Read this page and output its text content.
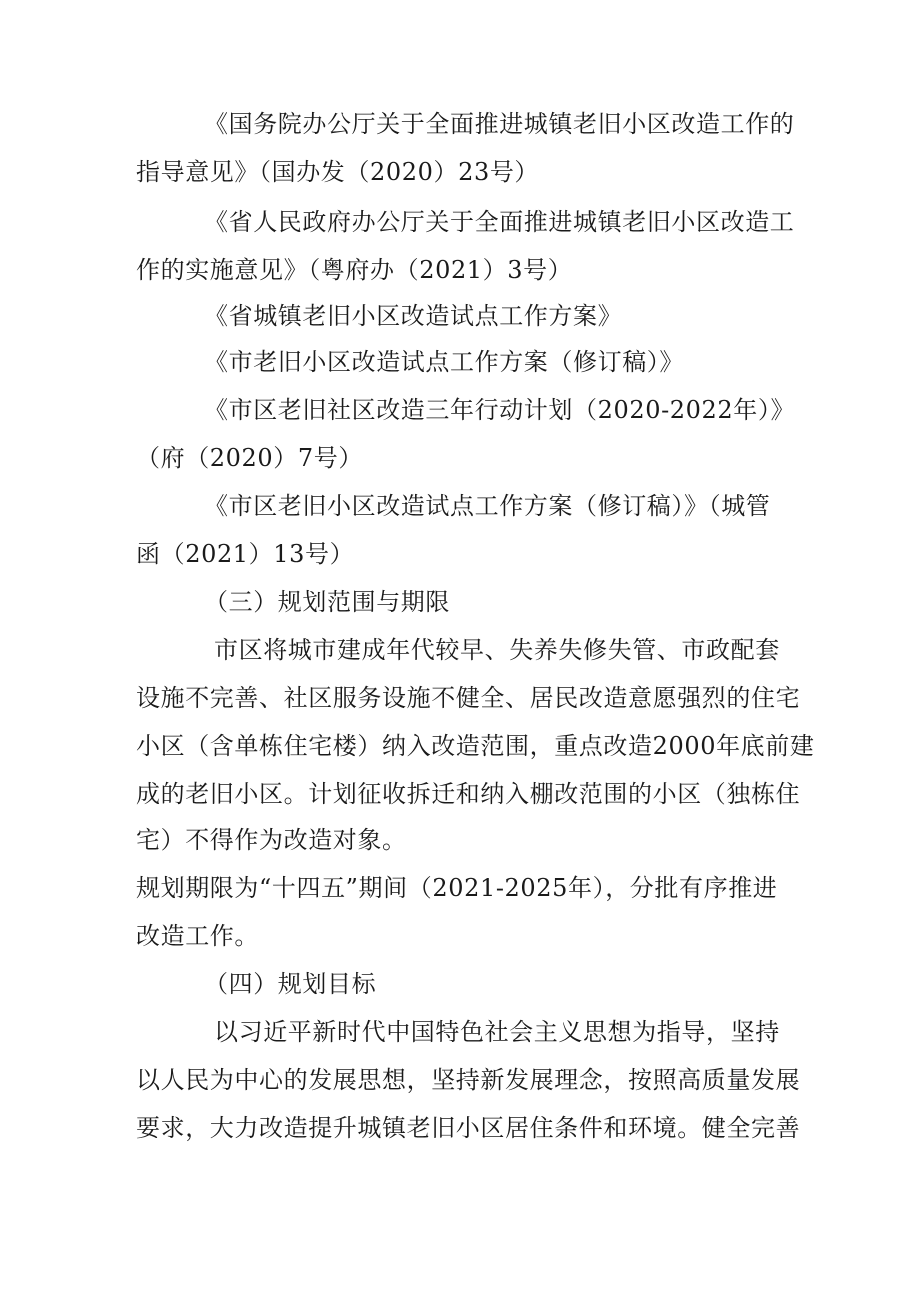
《国务院办公厅关于全面推进城镇老旧小区改造工作的
指导意见》（国办发（2020）23号）
《省人民政府办公厅关于全面推进城镇老旧小区改造工
作的实施意见》（粤府办（2021）3号）
《省城镇老旧小区改造试点工作方案》
《市老旧小区改造试点工作方案（修订稿）》
《市区老旧社区改造三年行动计划（2020-2022年）》
（府（2020）7号）
《市区老旧小区改造试点工作方案（修订稿）》（城管
函（2021）13号）
（三）规划范围与期限
市区将城市建成年代较早、失养失修失管、市政配套
设施不完善、社区服务设施不健全、居民改造意愿强烈的住宅
小区（含单栋住宅楼）纳入改造范围，重点改造2000年底前建
成的老旧小区。计划征收拆迁和纳入棚改范围的小区（独栋住
宅）不得作为改造对象。
规划期限为“十四五”期间（2021-2025年），分批有序推进
改造工作。
（四）规划目标
以习近平新时代中国特色社会主义思想为指导，坚持
以人民为中心的发展思想，坚持新发展理念，按照高质量发展
要求，大力改造提升城镇老旧小区居住条件和环境。健全完善
